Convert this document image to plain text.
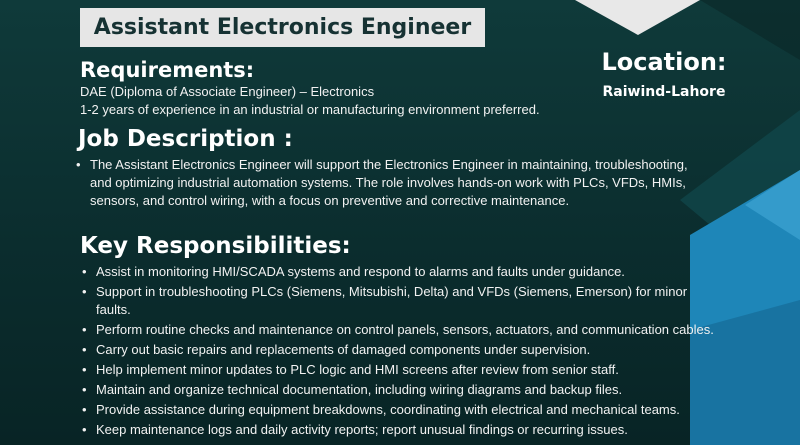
Assistant Electronics Engineer
Requirements:
DAE (Diploma of Associate Engineer) – Electronics
1-2 years of experience in an industrial or manufacturing environment preferred.
Location:
Raiwind-Lahore
Job Description :
• The Assistant Electronics Engineer will support the Electronics Engineer in maintaining, troubleshooting, and optimizing industrial automation systems. The role involves hands-on work with PLCs, VFDs, HMIs, sensors, and control wiring, with a focus on preventive and corrective maintenance.
Key Responsibilities:
• Assist in monitoring HMI/SCADA systems and respond to alarms and faults under guidance.
• Support in troubleshooting PLCs (Siemens, Mitsubishi, Delta) and VFDs (Siemens, Emerson) for minor faults.
• Perform routine checks and maintenance on control panels, sensors, actuators, and communication cables.
• Carry out basic repairs and replacements of damaged components under supervision.
• Help implement minor updates to PLC logic and HMI screens after review from senior staff.
• Maintain and organize technical documentation, including wiring diagrams and backup files.
• Provide assistance during equipment breakdowns, coordinating with electrical and mechanical teams.
• Keep maintenance logs and daily activity reports; report unusual findings or recurring issues.
